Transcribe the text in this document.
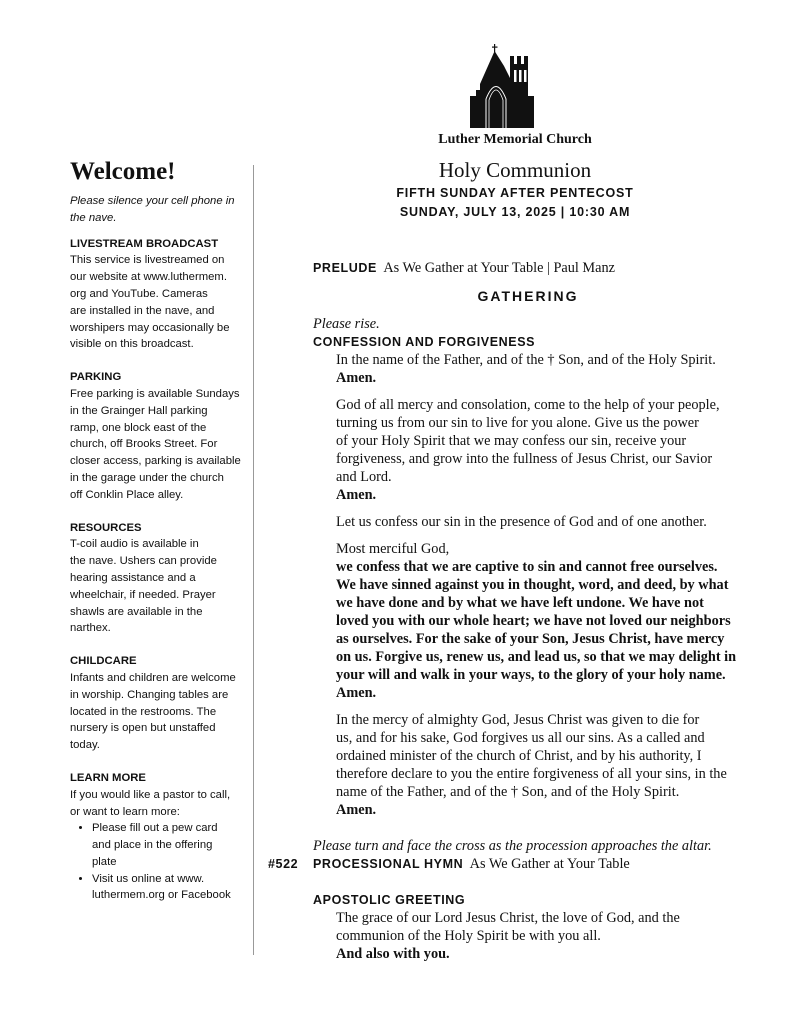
Luther Memorial Church
Holy Communion
FIFTH SUNDAY AFTER PENTECOST
SUNDAY, JULY 13, 2025 | 10:30 AM
Welcome!
Please silence your cell phone in the nave.
LIVESTREAM BROADCAST
This service is livestreamed on
our website at www.luthermem.
org and YouTube. Cameras
are installed in the nave, and
worshipers may occasionally be
visible on this broadcast.
PARKING
Free parking is available Sundays
in the Grainger Hall parking
ramp, one block east of the
church, off Brooks Street. For
closer access, parking is available
in the garage under the church
off Conklin Place alley.
RESOURCES
T-coil audio is available in
the nave. Ushers can provide
hearing assistance and a
wheelchair, if needed. Prayer
shawls are available in the
narthex.
CHILDCARE
Infants and children are welcome
in worship. Changing tables are
located in the restrooms. The
nursery is open but unstaffed
today.
LEARN MORE
If you would like a pastor to call,
or want to learn more:
• Please fill out a pew card
and place in the offering
plate
• Visit us online at www.
luthermem.org or Facebook
PRELUDE As We Gather at Your Table | Paul Manz
GATHERING
Please rise.
CONFESSION AND FORGIVENESS
In the name of the Father, and of the † Son, and of the Holy Spirit.
Amen.
God of all mercy and consolation, come to the help of your people,
turning us from our sin to live for you alone. Give us the power
of your Holy Spirit that we may confess our sin, receive your
forgiveness, and grow into the fullness of Jesus Christ, our Savior
and Lord.
Amen.
Let us confess our sin in the presence of God and of one another.
Most merciful God,
we confess that we are captive to sin and cannot free ourselves.
We have sinned against you in thought, word, and deed, by what
we have done and by what we have left undone. We have not
loved you with our whole heart; we have not loved our neighbors
as ourselves. For the sake of your Son, Jesus Christ, have mercy
on us. Forgive us, renew us, and lead us, so that we may delight in
your will and walk in your ways, to the glory of your holy name.
Amen.
In the mercy of almighty God, Jesus Christ was given to die for
us, and for his sake, God forgives us all our sins. As a called and
ordained minister of the church of Christ, and by his authority, I
therefore declare to you the entire forgiveness of all your sins, in the
name of the Father, and of the † Son, and of the Holy Spirit.
Amen.
Please turn and face the cross as the procession approaches the altar.
#522 PROCESSIONAL HYMN As We Gather at Your Table
APOSTOLIC GREETING
The grace of our Lord Jesus Christ, the love of God, and the
communion of the Holy Spirit be with you all.
And also with you.
